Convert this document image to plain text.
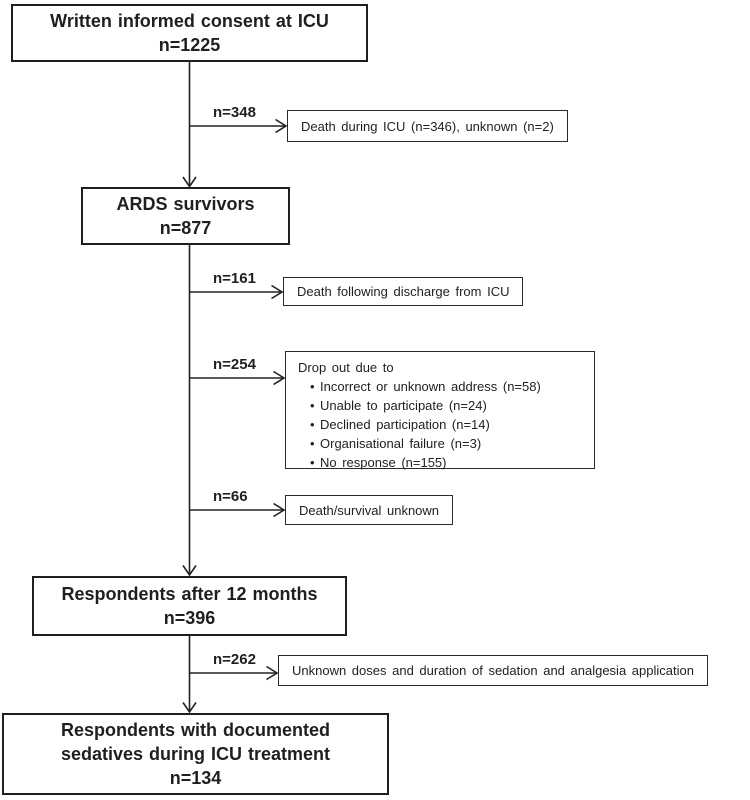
Written informed consent at ICU
n=1225
ARDS survivors
n=877
Respondents after 12 months
n=396
Respondents with documented sedatives during ICU treatment
n=134
n=348
n=161
n=254
n=66
n=262
Death during ICU (n=346), unknown (n=2)
Death following discharge from ICU
Drop out due to
• Incorrect or unknown address (n=58)
• Unable to participate (n=24)
• Declined participation (n=14)
• Organisational failure (n=3)
• No response (n=155)
Death/survival unknown
Unknown doses and duration of sedation and analgesia application
